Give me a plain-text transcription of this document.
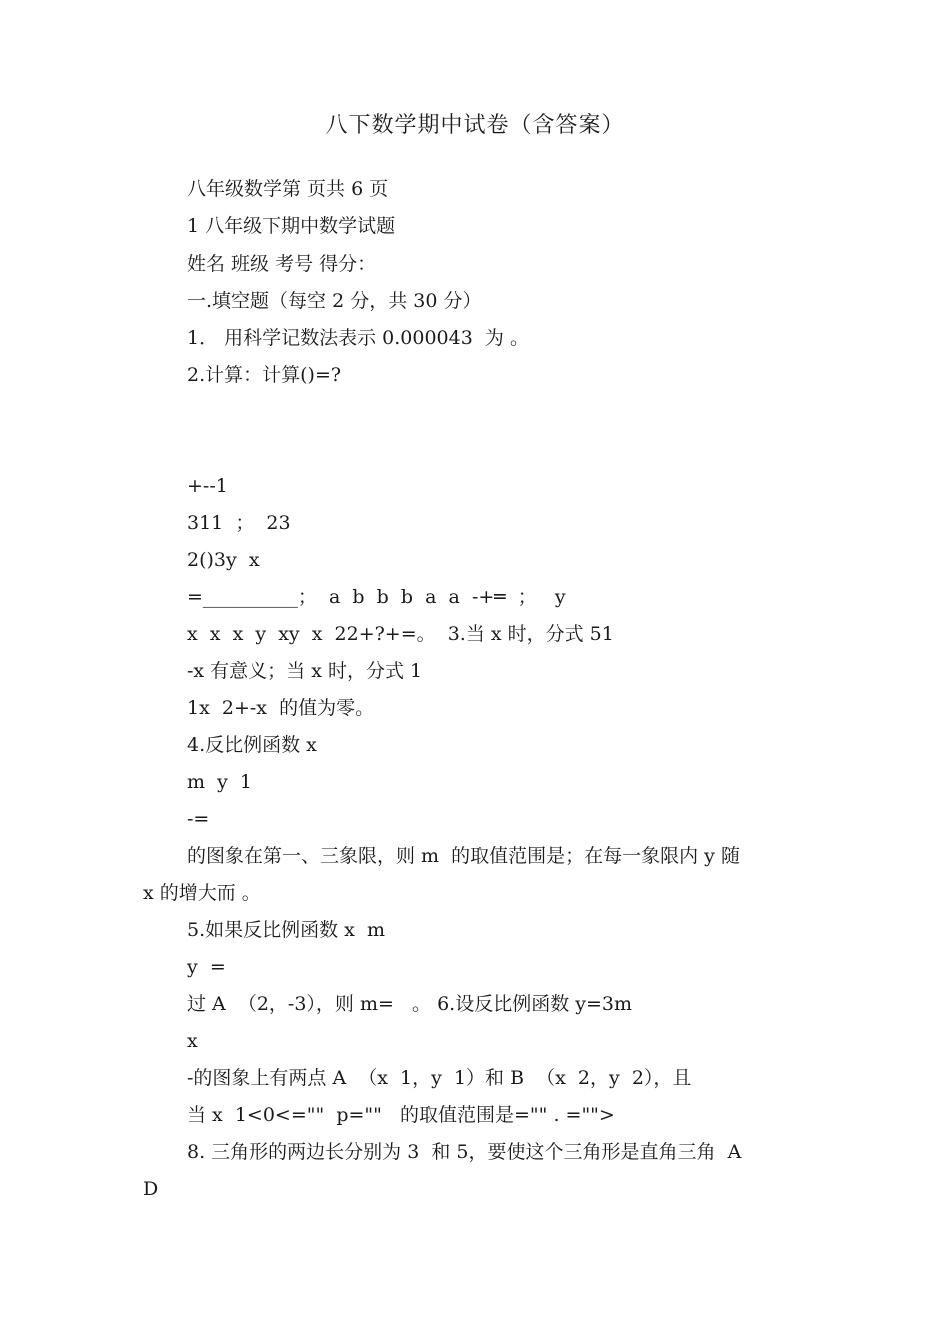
八下数学期中试卷（含答案）
八年级数学第 页共 6 页
1 八年级下期中数学试题
姓名 班级 考号 得分：
一.填空题（每空 2 分，共 30 分）
1． 用科学记数法表示 0.000043  为 。
2.计算：计算()=?
+--1
311  ；  23
2()3y  x
=__________；  a  b  b  b  a  a  -+═  ；   y
x  x  x  y  xy  x  22+?+=。  3.当 x 时，分式 51
-x 有意义；当 x 时，分式 1
1x  2+-x  的值为零。
4.反比例函数 x
m  y  1
-=
的图象在第一、三象限，则 m  的取值范围是；在每一象限内 y 随
x 的增大而 。
5.如果反比例函数 x  m
y  =
过 A  （2，-3），则 m=   。 6.设反比例函数 y=3m
x
-的图象上有两点 A  （x  1，y  1）和 B  （x  2，y  2），且
当 x  1<0<=""  p=""   的取值范围是="" . ="">
8. 三角形的两边长分别为 3  和 5，要使这个三角形是直角三角  A
D
